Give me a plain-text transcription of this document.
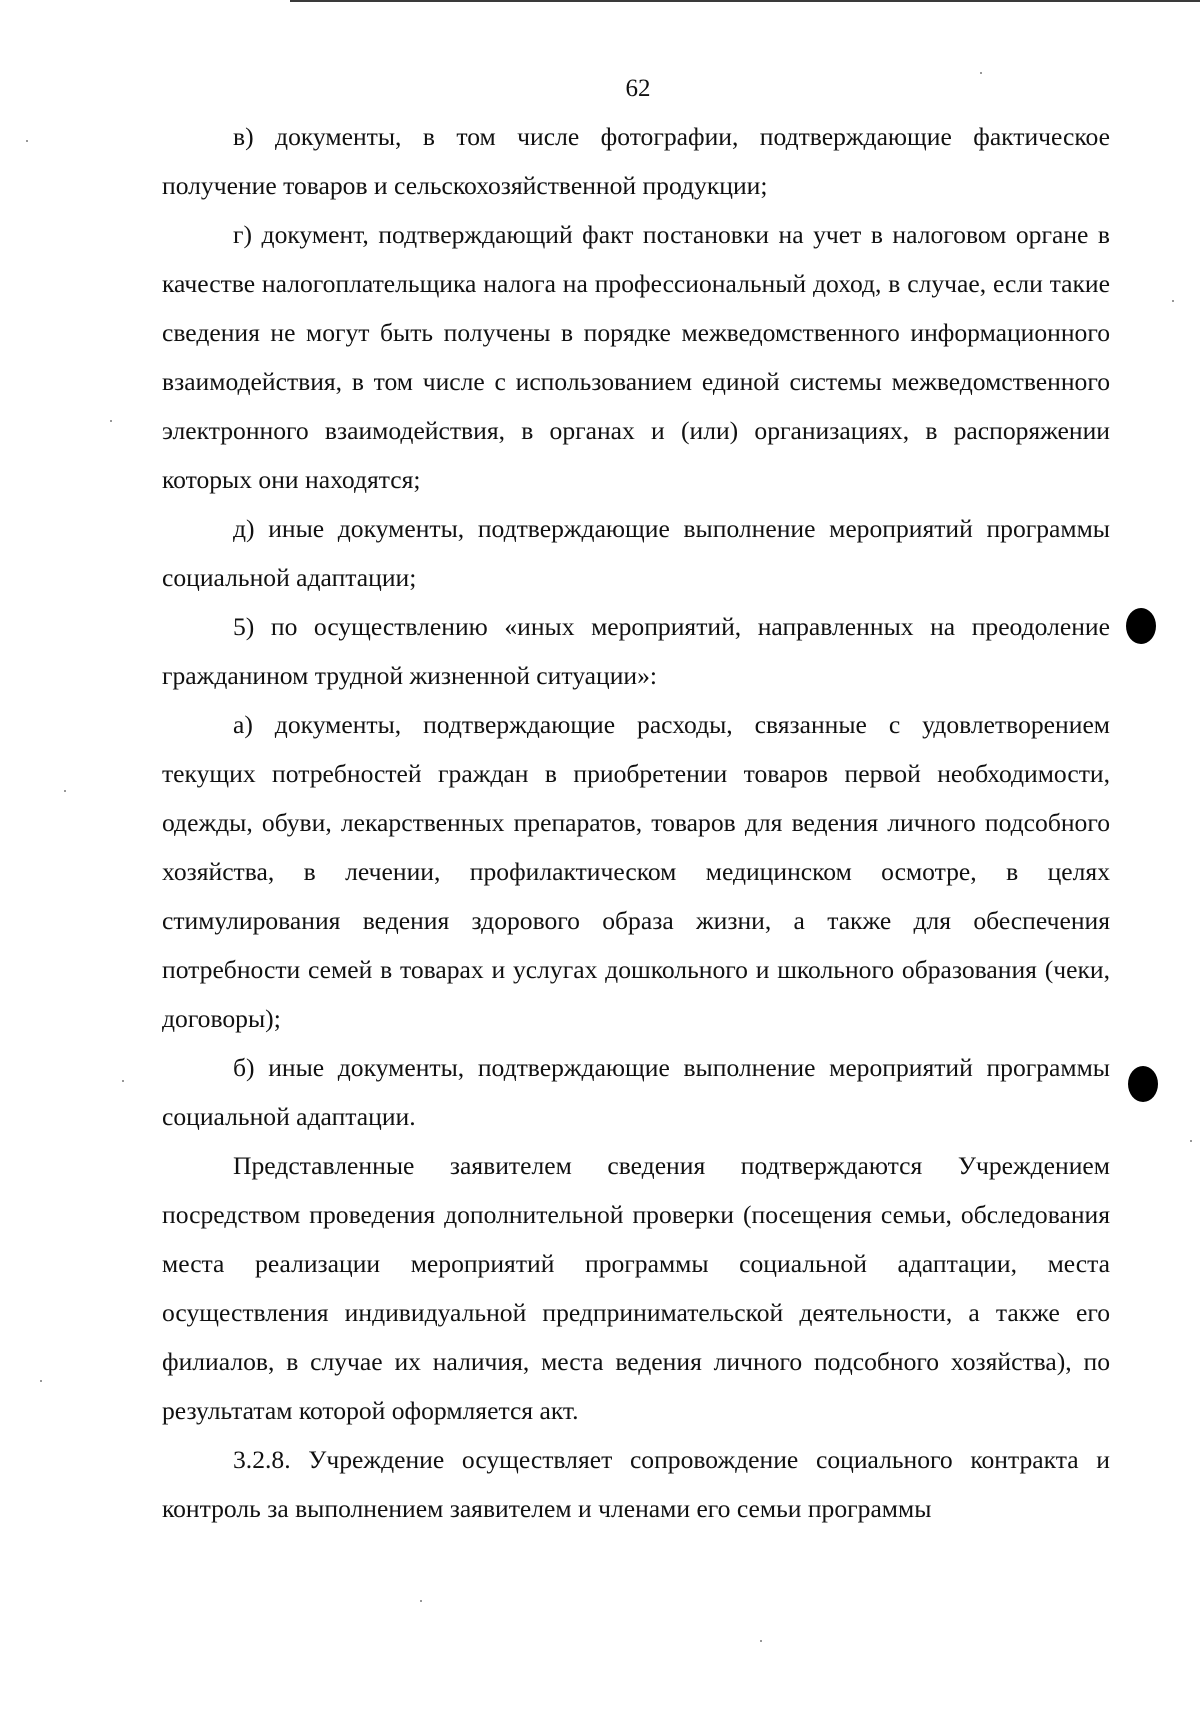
62

в) документы, в том числе фотографии, подтверждающие фактическое получение товаров и сельскохозяйственной продукции;

г) документ, подтверждающий факт постановки на учет в налоговом органе в качестве налогоплательщика налога на профессиональный доход, в случае, если такие сведения не могут быть получены в порядке межведомственного информационного взаимодействия, в том числе с использованием единой системы межведомственного электронного взаимодействия, в органах и (или) организациях, в распоряжении которых они находятся;

д) иные документы, подтверждающие выполнение мероприятий программы социальной адаптации;

5) по осуществлению «иных мероприятий, направленных на преодоление гражданином трудной жизненной ситуации»:

а) документы, подтверждающие расходы, связанные с удовлетворением текущих потребностей граждан в приобретении товаров первой необходимости, одежды, обуви, лекарственных препаратов, товаров для ведения личного подсобного хозяйства, в лечении, профилактическом медицинском осмотре, в целях стимулирования ведения здорового образа жизни, а также для обеспечения потребности семей в товарах и услугах дошкольного и школьного образования (чеки, договоры);

б) иные документы, подтверждающие выполнение мероприятий программы социальной адаптации.

Представленные заявителем сведения подтверждаются Учреждением посредством проведения дополнительной проверки (посещения семьи, обследования места реализации мероприятий программы социальной адаптации, места осуществления индивидуальной предпринимательской деятельности, а также его филиалов, в случае их наличия, места ведения личного подсобного хозяйства), по результатам которой оформляется акт.

3.2.8. Учреждение осуществляет сопровождение социального контракта и контроль за выполнением заявителем и членами его семьи программы
